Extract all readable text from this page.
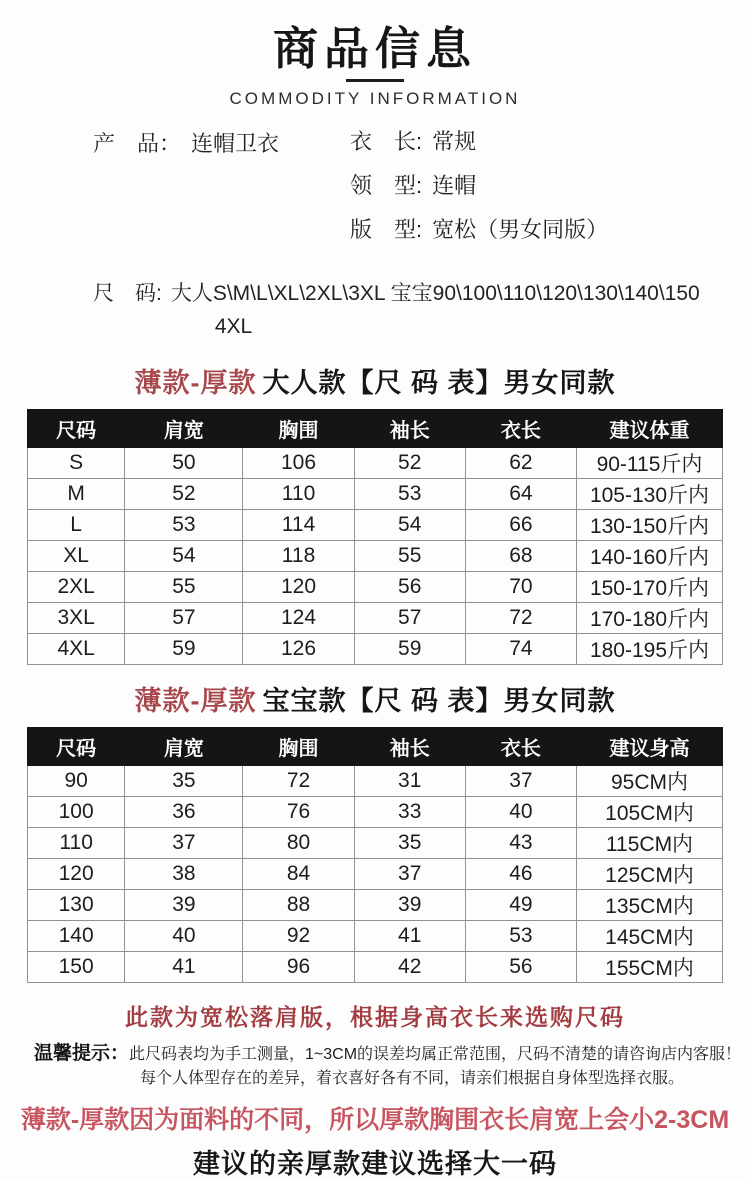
商品信息
COMMODITY INFORMATION
产　品： 连帽卫衣	衣　长: 常规
领　型: 连帽
版　型: 宽松（男女同版）
尺　码: 大人S\M\L\XL\2XL\3XL 宝宝90\100\110\120\130\140\150
4XL
薄款-厚款 大人款【尺 码 表】男女同款
尺码	肩宽	胸围	袖长	衣长	建议体重
S	50	106	52	62	90-115斤内
M	52	110	53	64	105-130斤内
L	53	114	54	66	130-150斤内
XL	54	118	55	68	140-160斤内
2XL	55	120	56	70	150-170斤内
3XL	57	124	57	72	170-180斤内
4XL	59	126	59	74	180-195斤内
薄款-厚款 宝宝款【尺 码 表】男女同款
尺码	肩宽	胸围	袖长	衣长	建议身高
90	35	72	31	37	95CM内
100	36	76	33	40	105CM内
110	37	80	35	43	115CM内
120	38	84	37	46	125CM内
130	39	88	39	49	135CM内
140	40	92	41	53	145CM内
150	41	96	42	56	155CM内
此款为宽松落肩版，根据身高衣长来选购尺码
温馨提示：此尺码表均为手工测量，1~3CM的误差均属正常范围，尺码不清楚的请咨询店内客服！
每个人体型存在的差异，着衣喜好各有不同，请亲们根据自身体型选择衣服。
薄款-厚款因为面料的不同，所以厚款胸围衣长肩宽上会小2-3CM
建议的亲厚款建议选择大一码
